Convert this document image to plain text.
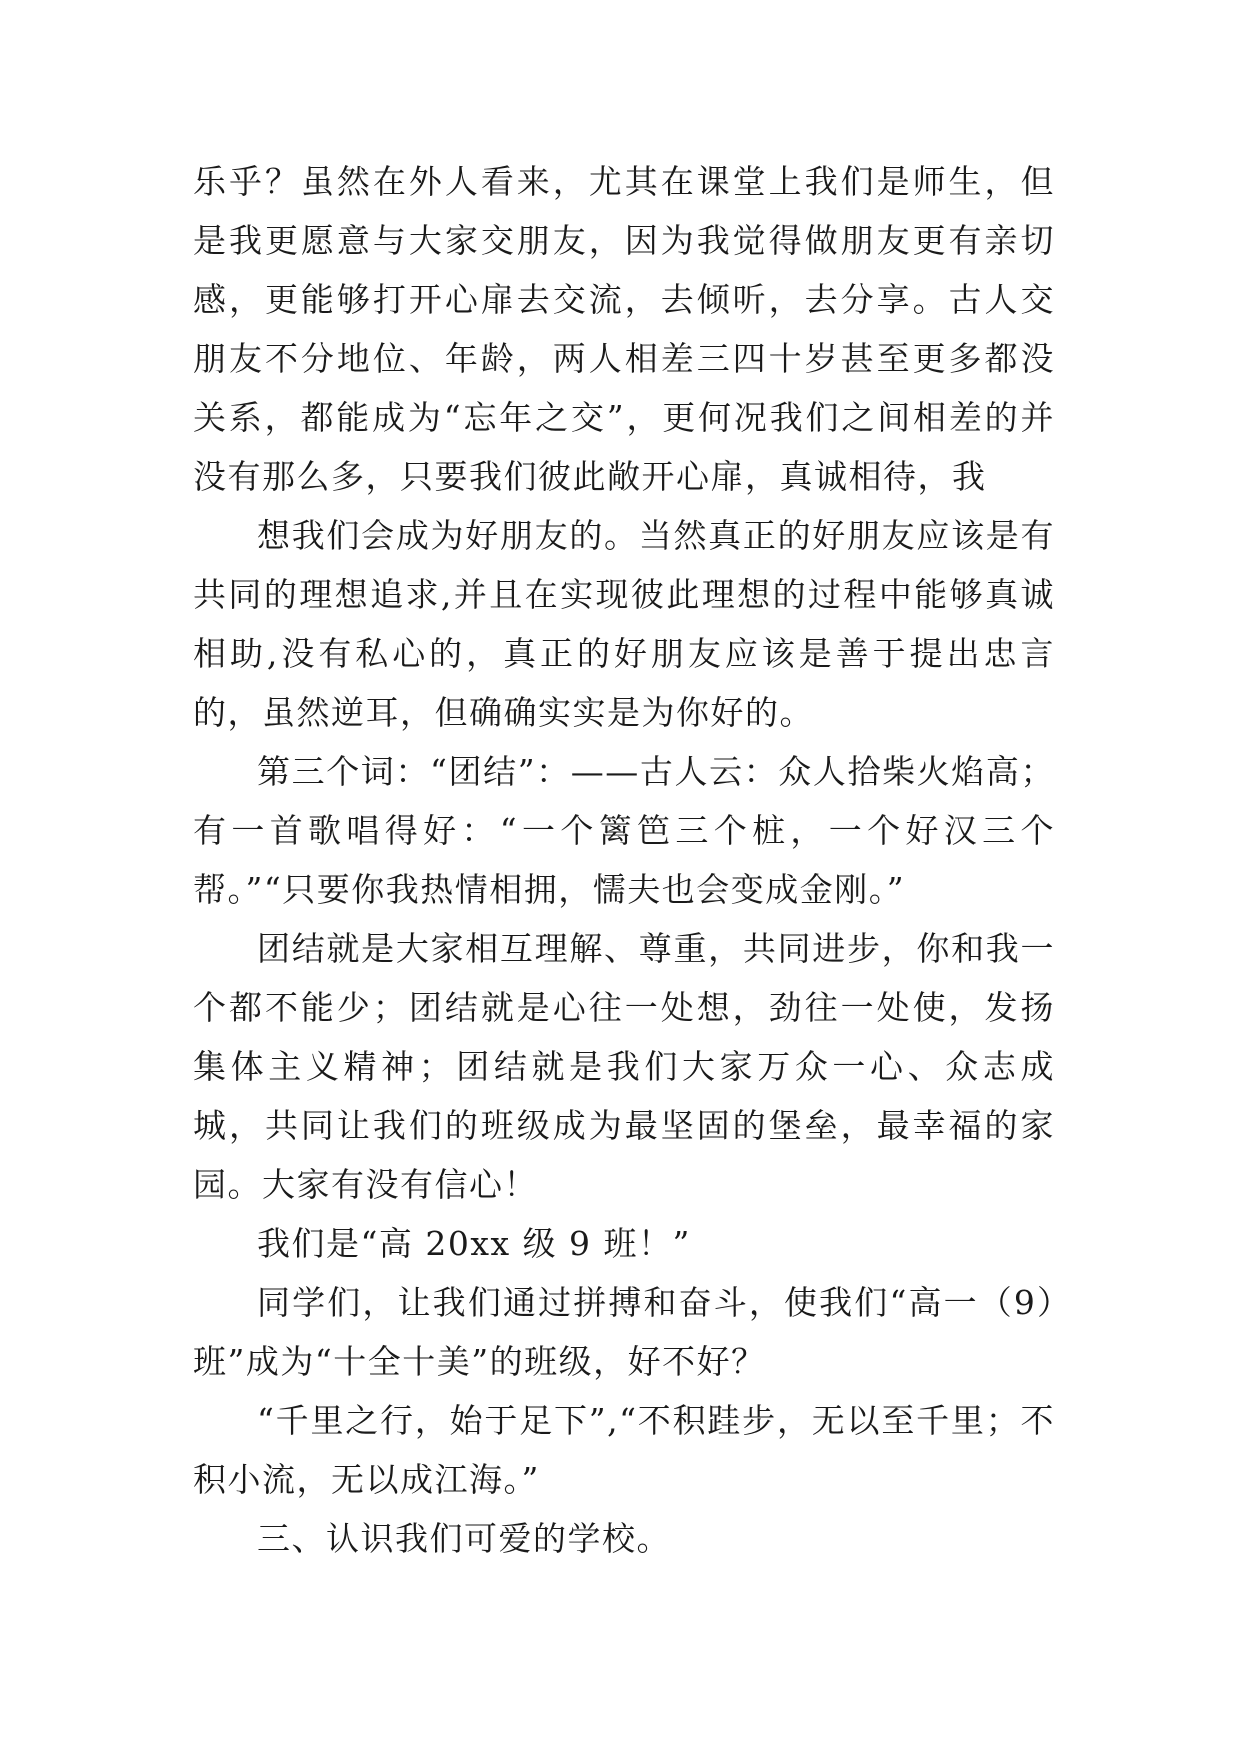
乐乎？虽然在外人看来，尤其在课堂上我们是师生，但是我更愿意与大家交朋友，因为我觉得做朋友更有亲切感，更能够打开心扉去交流，去倾听，去分享。古人交朋友不分地位、年龄，两人相差三四十岁甚至更多都没关系，都能成为“忘年之交”，更何况我们之间相差的并没有那么多，只要我们彼此敞开心扉，真诚相待，我

想我们会成为好朋友的。当然真正的好朋友应该是有共同的理想追求,并且在实现彼此理想的过程中能够真诚相助,没有私心的，真正的好朋友应该是善于提出忠言的，虽然逆耳，但确确实实是为你好的。

第三个词：“团结”：——古人云：众人拾柴火焰高；有一首歌唱得好：“一个篱笆三个桩，一个好汉三个帮。”“只要你我热情相拥，懦夫也会变成金刚。”

团结就是大家相互理解、尊重，共同进步，你和我一个都不能少；团结就是心往一处想，劲往一处使，发扬集体主义精神；团结就是我们大家万众一心、众志成城，共同让我们的班级成为最坚固的堡垒，最幸福的家园。大家有没有信心！

我们是“高 20xx 级 9 班！”

同学们，让我们通过拼搏和奋斗，使我们“高一（9）班”成为“十全十美”的班级，好不好？

“千里之行，始于足下”,“不积跬步，无以至千里；不积小流，无以成江海。”

三、认识我们可爱的学校。
